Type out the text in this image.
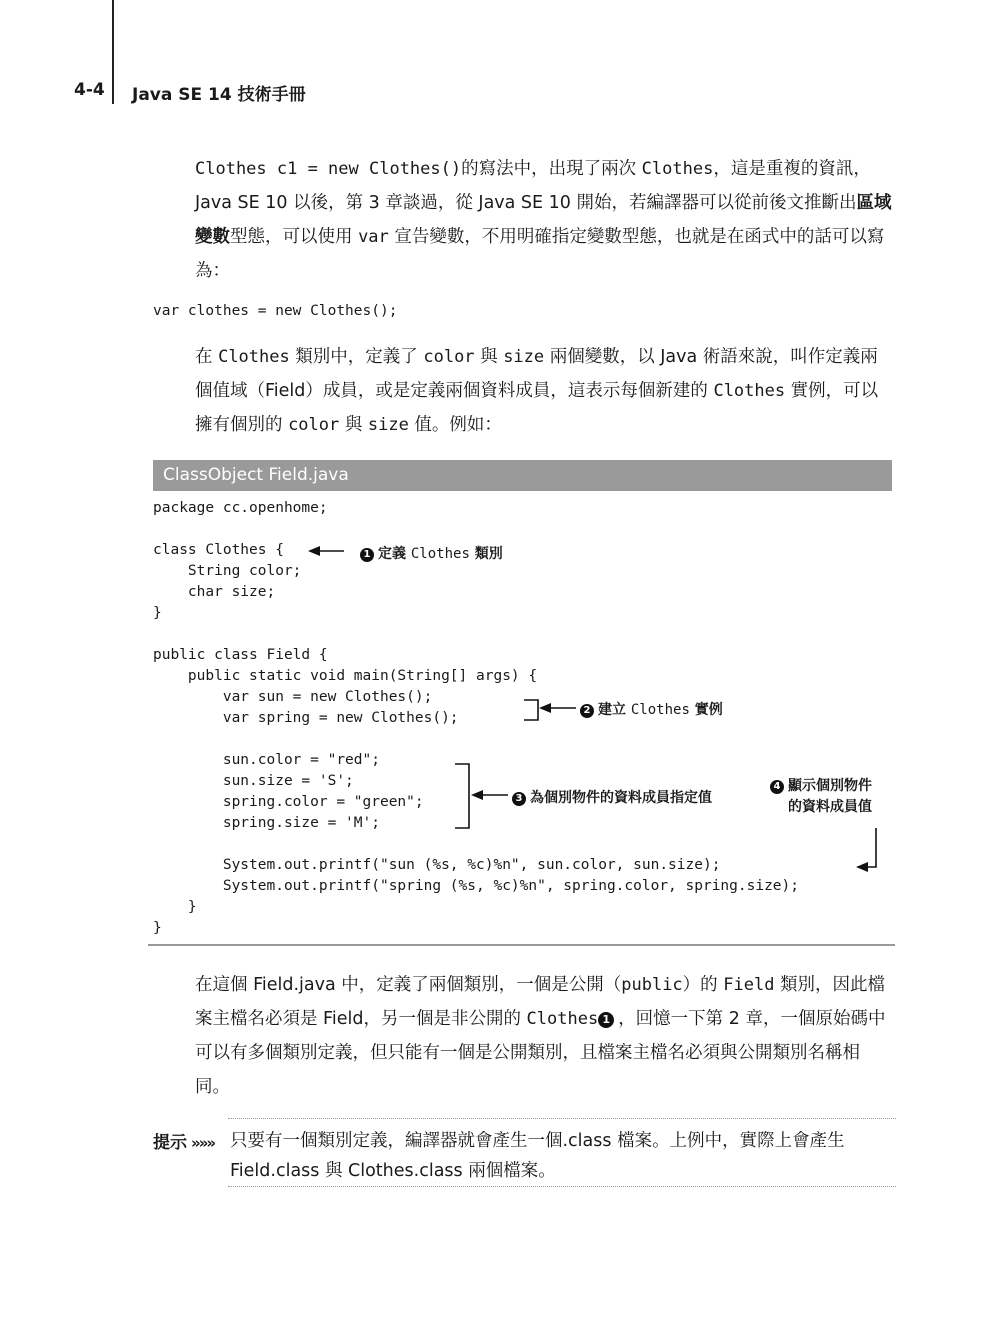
4-4 Java SE 14 技術手冊

Clothes c1 = new Clothes()的寫法中，出現了兩次 Clothes，這是重複的資訊，Java SE 10 以後，第 3 章談過，從 Java SE 10 開始，若編譯器可以從前後文推斷出區域變數型態，可以使用 var 宣告變數，不用明確指定變數型態，也就是在函式中的話可以寫為：

var clothes = new Clothes();

在 Clothes 類別中，定義了 color 與 size 兩個變數，以 Java 術語來說，叫作定義兩個值域（Field）成員，或是定義兩個資料成員，這表示每個新建的 Clothes 實例，可以擁有個別的 color 與 size 值。例如：

ClassObject Field.java
package cc.openhome;

class Clothes {
String color;
char size;
}

public class Field {
public static void main(String[] args) {
var sun = new Clothes();
var spring = new Clothes();

sun.color = "red";
sun.size = 'S';
spring.color = "green";
spring.size = 'M';

System.out.printf("sun (%s, %c)%n", sun.color, sun.size);
System.out.printf("spring (%s, %c)%n", spring.color, spring.size);
}
}
1 定義 Clothes 類別
2 建立 Clothes 實例
3 為個別物件的資料成員指定值
4 顯示個別物件
的資料成員值

在這個 Field.java 中，定義了兩個類別，一個是公開（public）的 Field 類別，因此檔案主檔名必須是 Field，另一個是非公開的 Clothes 1 ，回憶一下第 2 章，一個原始碼中可以有多個類別定義，但只能有一個是公開類別，且檔案主檔名必須與公開類別名稱相同。

提示 »»» 只要有一個類別定義，編譯器就會產生一個.class 檔案。上例中，實際上會產生 Field.class 與 Clothes.class 兩個檔案。
